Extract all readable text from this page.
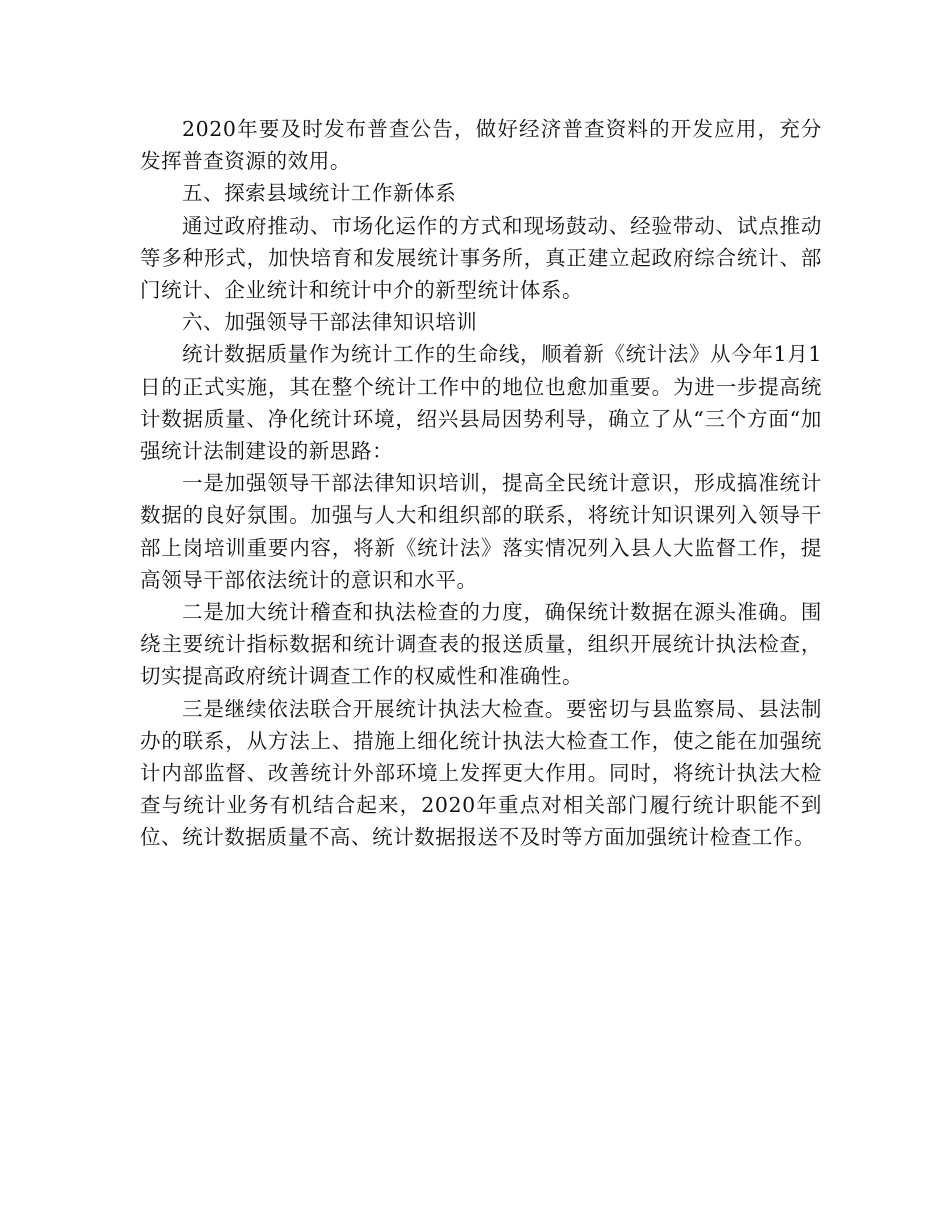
2020年要及时发布普查公告，做好经济普查资料的开发应用，充分发挥普查资源的效用。

五、探索县域统计工作新体系

通过政府推动、市场化运作的方式和现场鼓动、经验带动、试点推动等多种形式，加快培育和发展统计事务所，真正建立起政府综合统计、部门统计、企业统计和统计中介的新型统计体系。

六、加强领导干部法律知识培训

统计数据质量作为统计工作的生命线，顺着新《统计法》从今年1月1日的正式实施，其在整个统计工作中的地位也愈加重要。为进一步提高统计数据质量、净化统计环境，绍兴县局因势利导，确立了从“三个方面“加强统计法制建设的新思路：

一是加强领导干部法律知识培训，提高全民统计意识，形成搞准统计数据的良好氛围。加强与人大和组织部的联系，将统计知识课列入领导干部上岗培训重要内容，将新《统计法》落实情况列入县人大监督工作，提高领导干部依法统计的意识和水平。

二是加大统计稽查和执法检查的力度，确保统计数据在源头准确。围绕主要统计指标数据和统计调查表的报送质量，组织开展统计执法检查，切实提高政府统计调查工作的权威性和准确性。

三是继续依法联合开展统计执法大检查。要密切与县监察局、县法制办的联系，从方法上、措施上细化统计执法大检查工作，使之能在加强统计内部监督、改善统计外部环境上发挥更大作用。同时，将统计执法大检查与统计业务有机结合起来，2020年重点对相关部门履行统计职能不到位、统计数据质量不高、统计数据报送不及时等方面加强统计检查工作。
